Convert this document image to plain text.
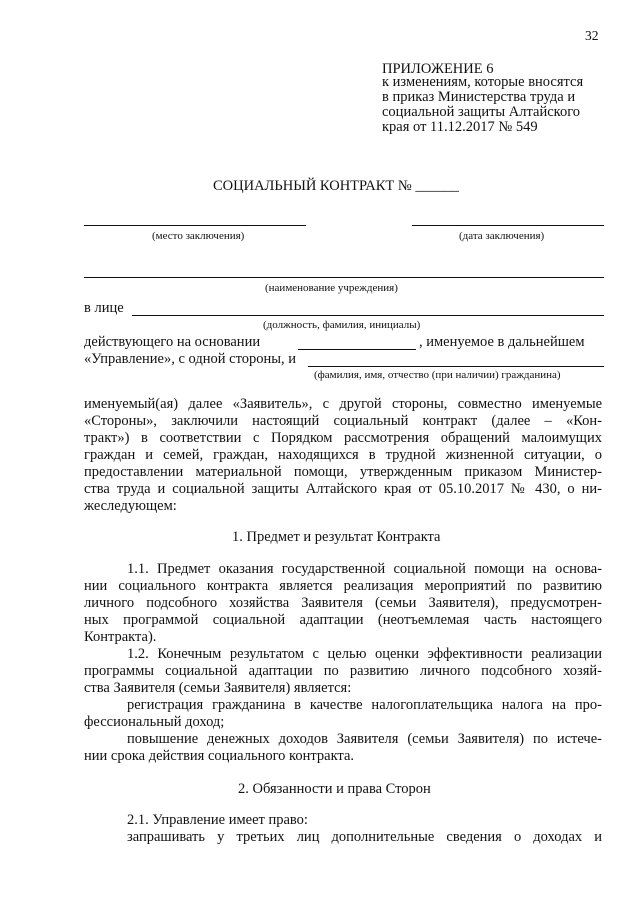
32
ПРИЛОЖЕНИЕ 6
к изменениям, которые вносятся
в приказ Министерства труда и
социальной защиты Алтайского
края от 11.12.2017 № 549
СОЦИАЛЬНЫЙ КОНТРАКТ № ______
(место заключения)	(дата заключения)
(наименование учреждения)
в лице
(должность, фамилия, инициалы)
действующего на основании	, именуемое в дальнейшем
«Управление», с одной стороны, и
(фамилия, имя, отчество (при наличии) гражданина)
именуемый(ая) далее «Заявитель», с другой стороны, совместно именуемые
«Стороны», заключили настоящий социальный контракт (далее – «Кон-
тракт») в соответствии с Порядком рассмотрения обращений малоимущих
граждан и семей, граждан, находящихся в трудной жизненной ситуации, о
предоставлении материальной помощи, утвержденным приказом Министер-
ства труда и социальной защиты Алтайского края от 05.10.2017 № 430, о ни-
жеследующем:
1. Предмет и результат Контракта
1.1. Предмет оказания государственной социальной помощи на основа-
нии социального контракта является реализация мероприятий по развитию
личного подсобного хозяйства Заявителя (семьи Заявителя), предусмотрен-
ных программой социальной адаптации (неотъемлемая часть настоящего
Контракта).
1.2. Конечным результатом с целью оценки эффективности реализации
программы социальной адаптации по развитию личного подсобного хозяй-
ства Заявителя (семьи Заявителя) является:
регистрация гражданина в качестве налогоплательщика налога на про-
фессиональный доход;
повышение денежных доходов Заявителя (семьи Заявителя) по истече-
нии срока действия социального контракта.
2. Обязанности и права Сторон
2.1. Управление имеет право:
запрашивать у третьих лиц дополнительные сведения о доходах и
